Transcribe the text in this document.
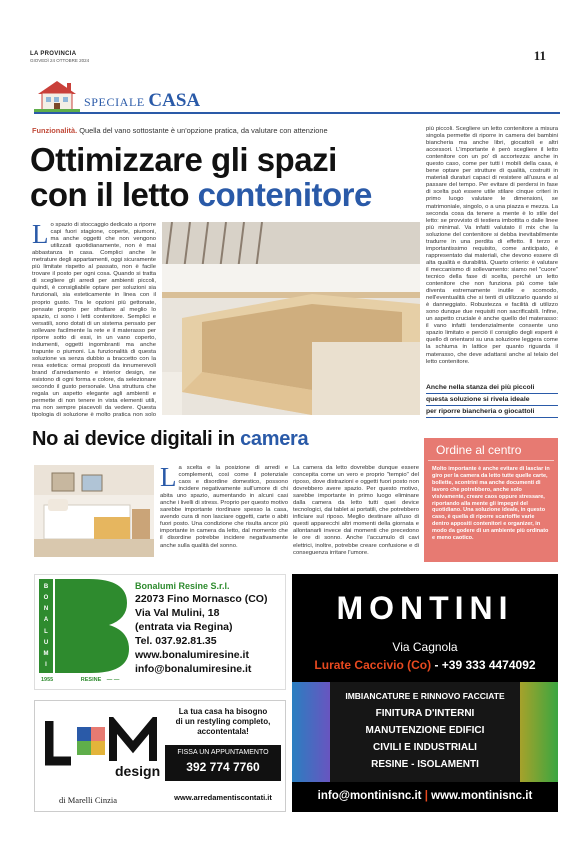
LA PROVINCIA
GIOVEDÌ 24 OTTOBRE 2024	11
SPECIALE CASA
Funzionalità. Quella del vano sottostante è un'opzione pratica, da valutare con attenzione
Ottimizzare gli spazi
con il letto contenitore
L o spazio di stoccaggio dedicato a riporre capi fuori stagione, coperte, piumoni, ma anche oggetti che non vengono utilizzati quotidianamente, non è mai abbastanza in casa. Complici anche le metrature degli appartamenti, oggi sicuramente più limitate rispetto al passato, non è facile trovare il posto per ogni cosa. Quando si tratta di scegliere gli arredi per ambienti piccoli, quindi, è consigliabile optare per soluzioni sia funzionali, sia esteticamente in linea con il proprio gusto. Tra le opzioni più gettonate, pensate proprio per sfruttare al meglio lo spazio, ci sono i letti contenitore. Semplici e versatili, sono dotati di un sistema pensato per sollevare facilmente la rete e il materasso per riporre sotto di essi, in un vano coperto, indumenti, oggetti ingombranti ma anche trapunte o piumoni. La funzionalità di questa soluzione va senza dubbio a braccetto con la resa estetica: ormai proposti da innumerevoli brand d'arredamento e interior design, ne esistono di ogni forma e colore, da selezionare secondo il gusto personale. Una struttura che regala un aspetto elegante agli ambienti e permette di non tenere in vista elementi utili, ma non sempre piacevoli da vedere. Questa tipologia di soluzione è molto pratica non solo
più piccoli. Scegliere un letto contenitore a misura singola permette di riporre in camera dei bambini biancheria ma anche libri, giocattoli e altri accessori. L'importante è però scegliere il letto contenitore con un po' di accortezza: anche in questo caso, come per tutti i mobili della casa, è bene optare per strutture di qualità, costruiti in materiali duraturi capaci di resistere all'usura e al passare del tempo. Per evitare di perdersi in fase di scelta può essere utile stilare cinque criteri in primo luogo valutare le dimensioni, se matrimoniale, singolo, o a una piazza e mezza. La seconda cosa da tenere a mente è lo stile del letto: se provvisto di testiera imbottita o dalle linee più minimal. Va infatti valutato il mix che la soluzione del contenitore si debba inevitabilmente tradurre in una perdita di effetto. Il terzo e importantissimo requisito, come anticipato, è rappresentato dai materiali, che devono essere di alta qualità e durabilità. Quarto criterio: è valutare il meccanismo di sollevamento: siamo nel "cuore" tecnico della fase di scelta, perché un letto contenitore che non funziona più come tale diventa estremamente inutile e scomodo, nell'eventualità che si tenti di utilizzarlo quando si è danneggiato. Robustezza e facilità di utilizzo sono dunque due requisiti non sacrificabili. Infine, un aspetto cruciale è anche quello del materasso: il vano infatti tendenzialmente consente uno spazio limitato e perciò il consiglio degli esperti è quello di orientarsi su una soluzione leggera come la schiuma in lattice per quanto riguarda il materasso, che deve adattarsi anche al telaio del letto contenitore.
Anche nella stanza dei più piccoli
questa soluzione si rivela ideale
per riporre biancheria o giocattoli
No ai device digitali in camera
L a scelta e la posizione di arredi e complementi, così come il potenziale caos e disordine domestico, possono incidere negativamente sull'umore di chi abita uno spazio, aumentando in alcuni casi anche i livelli di stress. Proprio per questo motivo sarebbe importante riordinare spesso la casa, avendo cura di non lasciare oggetti, carte o abiti fuori posto. Una condizione che risulta ancor più importante in camera da letto, dal momento che il disordine potrebbe incidere negativamente anche sulla qualità del sonno.
La camera da letto dovrebbe dunque essere concepita come un vero e proprio "tempio" del riposo, dove distrazioni e oggetti fuori posto non dovrebbero avere spazio. Per questo motivo, sarebbe importante in primo luogo eliminare dalla camera da letto tutti quei device tecnologici, dai tablet ai portatili, che potrebbero inficiare sul riposo. Meglio destinare all'uso di questi apparecchi altri momenti della giornata e allontanarli invece dai momenti che precedono le ore di sonno. Anche l'accumulo di cavi elettrici, inoltre, potrebbe creare confusione e di conseguenza irritare l'umore.
Ordine al centro
Molto importante è anche evitare di lasciar in giro per la camera da letto tutte quelle carte, bollette, scontrini ma anche documenti di lavoro che potrebbero, anche solo visivamente, creare caos oppure stressare, riportando alla mente gli impegni del quotidiano. Una soluzione ideale, in questo caso, è quella di riporre scartoffie varie dentro appositi contenitori e organizer, in modo da godere di un ambiente più ordinato e meno caotico.
B
O
N
A
L
U
M
I
1955	RESINE — —
Bonalumi Resine S.r.l.
22073 Fino Mornasco (CO)
Via Val Mulini, 18
(entrata via Regina)
Tel. 037.92.81.35
www.bonalumiresine.it
info@bonalumiresine.it
MONTINI
Via Cagnola
Lurate Caccivio (Co) - +39 333 4474092
IMBIANCATURE E RINNOVO FACCIATE
FINITURA D'INTERNI
MANUTENZIONE EDIFICI
CIVILI E INDUSTRIALI
RESINE - ISOLAMENTI
info@montinisnc.it | www.montinisnc.it
design
di Marelli Cinzia
La tua casa ha bisogno
di un restyling completo,
accontentala!
FISSA UN APPUNTAMENTO
392 774 7760
www.arredamentiscontati.it
